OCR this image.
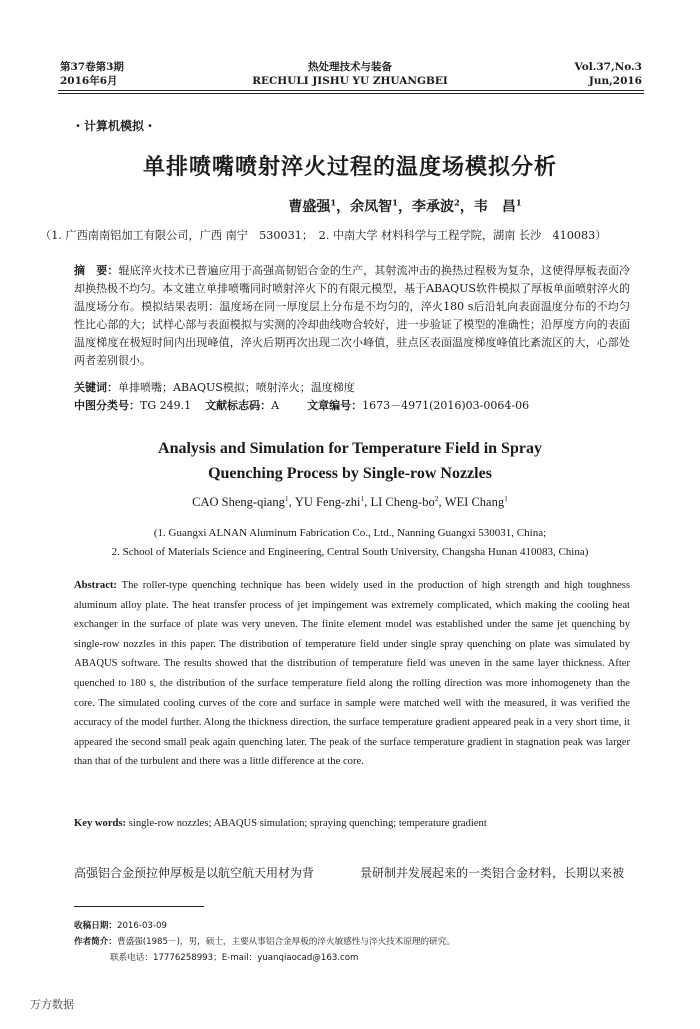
第37卷第3期
2016年6月
热处理技术与装备
RECHULI JISHU YU ZHUANGBEI
Vol.37,No.3
Jun,2016
・计算机模拟・
单排喷嘴喷射淬火过程的温度场模拟分析
曹盛强$^1$，余凤智$^1$，李承波$^2$，韦　昌$^1$
（1. 广西南南铝加工有限公司，广西 南宁　530031；　2. 中南大学 材料科学与工程学院，湖南 长沙　410083）
摘　要：辊底淬火技术已普遍应用于高强高韧铝合金的生产，其射流冲击的换热过程极为复杂，这使得厚板表面冷却换热极不均匀。本文建立单排喷嘴同时喷射淬火下的有限元模型，基于ABAQUS软件模拟了厚板单面喷射淬火的温度场分布。模拟结果表明：温度场在同一厚度层上分布是不均匀的，淬火180 s后沿轧向表面温度分布的不均匀性比心部的大；试样心部与表面模拟与实测的冷却曲线吻合较好，进一步验证了模型的准确性；沿厚度方向的表面温度梯度在极短时间内出现峰值，淬火后期再次出现二次小峰值，驻点区表面温度梯度峰值比紊流区的大，心部处两者差别很小。
关键词：单排喷嘴；ABAQUS模拟；喷射淬火；温度梯度
中图分类号：TG 249.1 文献标志码：A	文章编号：1673－4971(2016)03-0064-06
Analysis and Simulation for Temperature Field in Spray
Quenching Process by Single-row Nozzles
CAO Sheng-qiang$^1$, YU Feng-zhi$^1$, LI Cheng-$bo^2$, WEI Chang$^1$
(1. Guangxi ALNAN Aluminum Fabrication Co., Ltd., Nanning Guangxi 530031, China;
2. School of Materials Science and Engineering, Central South University, Changsha Hunan 410083, China)
Abstract: The roller-type quenching technique has been widely used in the production of high strength and high toughness aluminum alloy plate. The heat transfer process of jet impingement was extremely complicated, which making the cooling heat exchanger in the surface of plate was very uneven. The finite element model was established under the same jet quenching by single-row nozzles in this paper. The distribution of temperature field under single spray quenching on plate was simulated by ABAQUS software. The results showed that the distribution of temperature field was uneven in the same layer thickness. After quenched to 180 s, the distribution of the surface temperature field along the rolling direction was more inhomogenety than the core. The simulated cooling curves of the core and surface in sample were matched well with the measured, it was verified the accuracy of the model further. Along the thickness direction, the surface temperature gradient appeared peak in a very short time, it appeared the second small peak again quenching later. The peak of the surface temperature gradient in stagnation peak was larger than that of the turbulent and there was a little difference at the core.
Key words: single-row nozzles; ABAQUS simulation; spraying quenching; temperature gradient
高强铝合金预拉伸厚板是以航空航天用材为背	景研制并发展起来的一类铝合金材料，长期以来被
收稿日期：2016-03-09
作者简介：曹盛强(1985－)，男，硕士，主要从事铝合金厚板的淬火敏感性与淬火技术原理的研究。
联系电话：17776258993；E-mail：yuanqiaocad@163.com
万方数据
